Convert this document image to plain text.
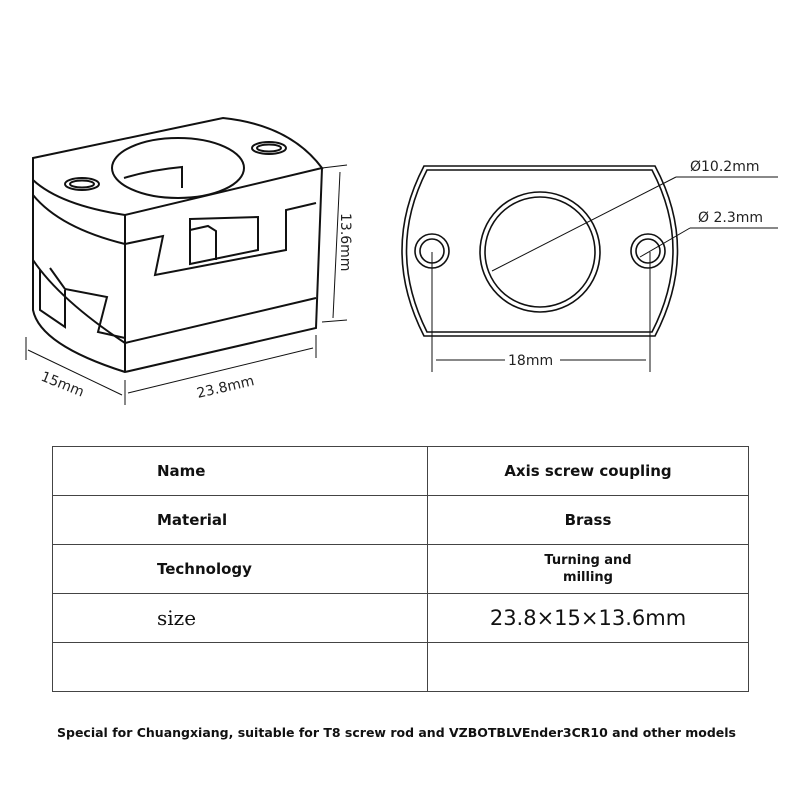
13.6mm
15mm	23.8mm
Ø10.2mm
Ø 2.3mm
18mm
Name	Axis screw coupling
Material	Brass
Technology	Turning and
milling
size	23.8×15×13.6mm

Special for Chuangxiang, suitable for T8 screw rod and VZBOTBLVEnder3CR10 and other models
